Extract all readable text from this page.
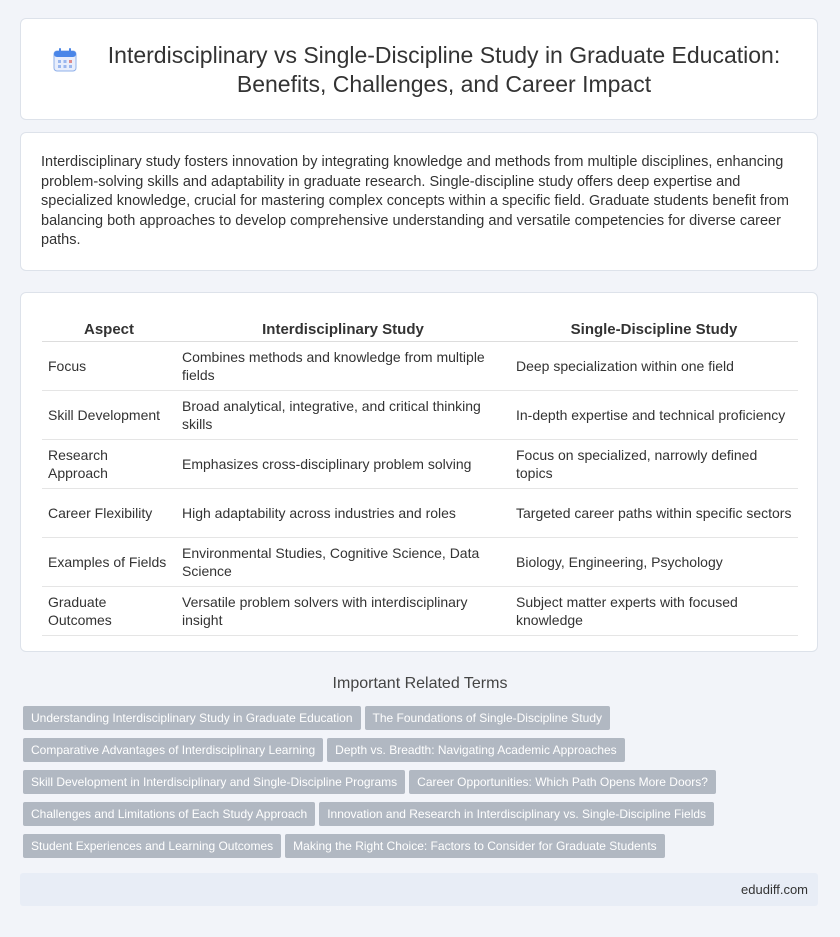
Interdisciplinary vs Single-Discipline Study in Graduate Education: Benefits, Challenges, and Career Impact

Interdisciplinary study fosters innovation by integrating knowledge and methods from multiple disciplines, enhancing problem-solving skills and adaptability in graduate research. Single-discipline study offers deep expertise and specialized knowledge, crucial for mastering complex concepts within a specific field. Graduate students benefit from balancing both approaches to develop comprehensive understanding and versatile competencies for diverse career paths.

Aspect	Interdisciplinary Study	Single-Discipline Study
Focus	Combines methods and knowledge from multiple fields	Deep specialization within one field
Skill Development	Broad analytical, integrative, and critical thinking skills	In-depth expertise and technical proficiency
Research Approach	Emphasizes cross-disciplinary problem solving	Focus on specialized, narrowly defined topics
Career Flexibility	High adaptability across industries and roles	Targeted career paths within specific sectors
Examples of Fields	Environmental Studies, Cognitive Science, Data Science	Biology, Engineering, Psychology
Graduate Outcomes	Versatile problem solvers with interdisciplinary insight	Subject matter experts with focused knowledge
Important Related Terms
Understanding Interdisciplinary Study in Graduate Education The Foundations of Single-Discipline Study
Comparative Advantages of Interdisciplinary Learning Depth vs. Breadth: Navigating Academic Approaches
Skill Development in Interdisciplinary and Single-Discipline Programs Career Opportunities: Which Path Opens More Doors?
Challenges and Limitations of Each Study Approach Innovation and Research in Interdisciplinary vs. Single-Discipline Fields
Student Experiences and Learning Outcomes Making the Right Choice: Factors to Consider for Graduate Students
edudiff.com
